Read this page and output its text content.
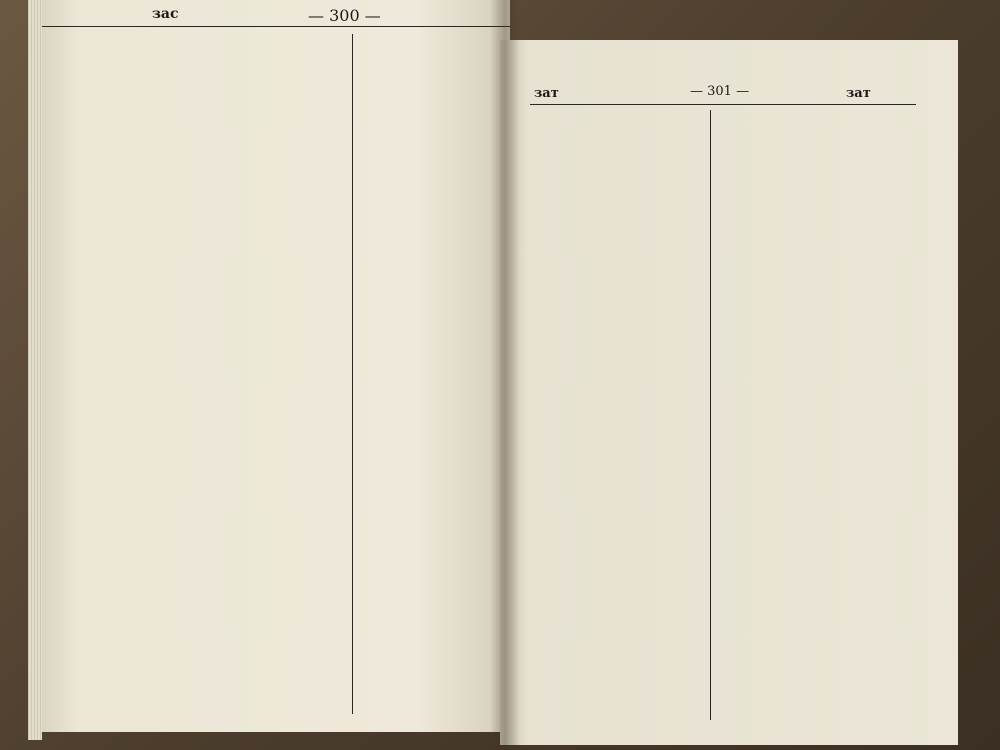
зас	— 300 —
зат	— 301 —	зат
